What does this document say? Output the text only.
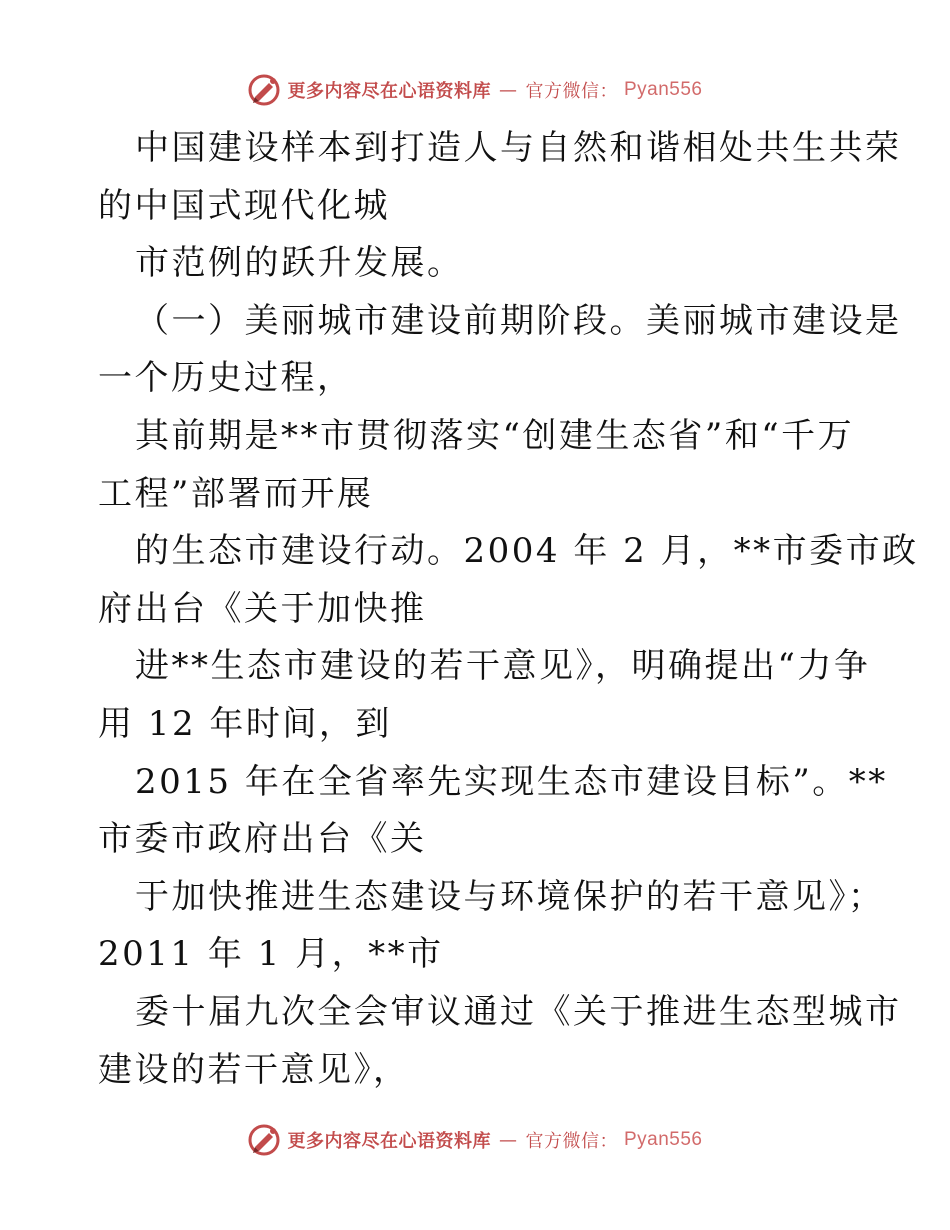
更多内容尽在心语资料库 — 官方微信： Pyan556
中国建设样本到打造人与自然和谐相处共生共荣
的中国式现代化城
市范例的跃升发展。
（一）美丽城市建设前期阶段。美丽城市建设是
一个历史过程，
其前期是**市贯彻落实“创建生态省”和“千万
工程”部署而开展
的生态市建设行动。2004 年 2 月，**市委市政
府出台《关于加快推
进**生态市建设的若干意见》，明确提出“力争
用 12 年时间，到
2015 年在全省率先实现生态市建设目标”。**
市委市政府出台《关
于加快推进生态建设与环境保护的若干意见》；
2011 年 1 月，**市
委十届九次全会审议通过《关于推进生态型城市
建设的若干意见》，
更多内容尽在心语资料库 — 官方微信： Pyan556
